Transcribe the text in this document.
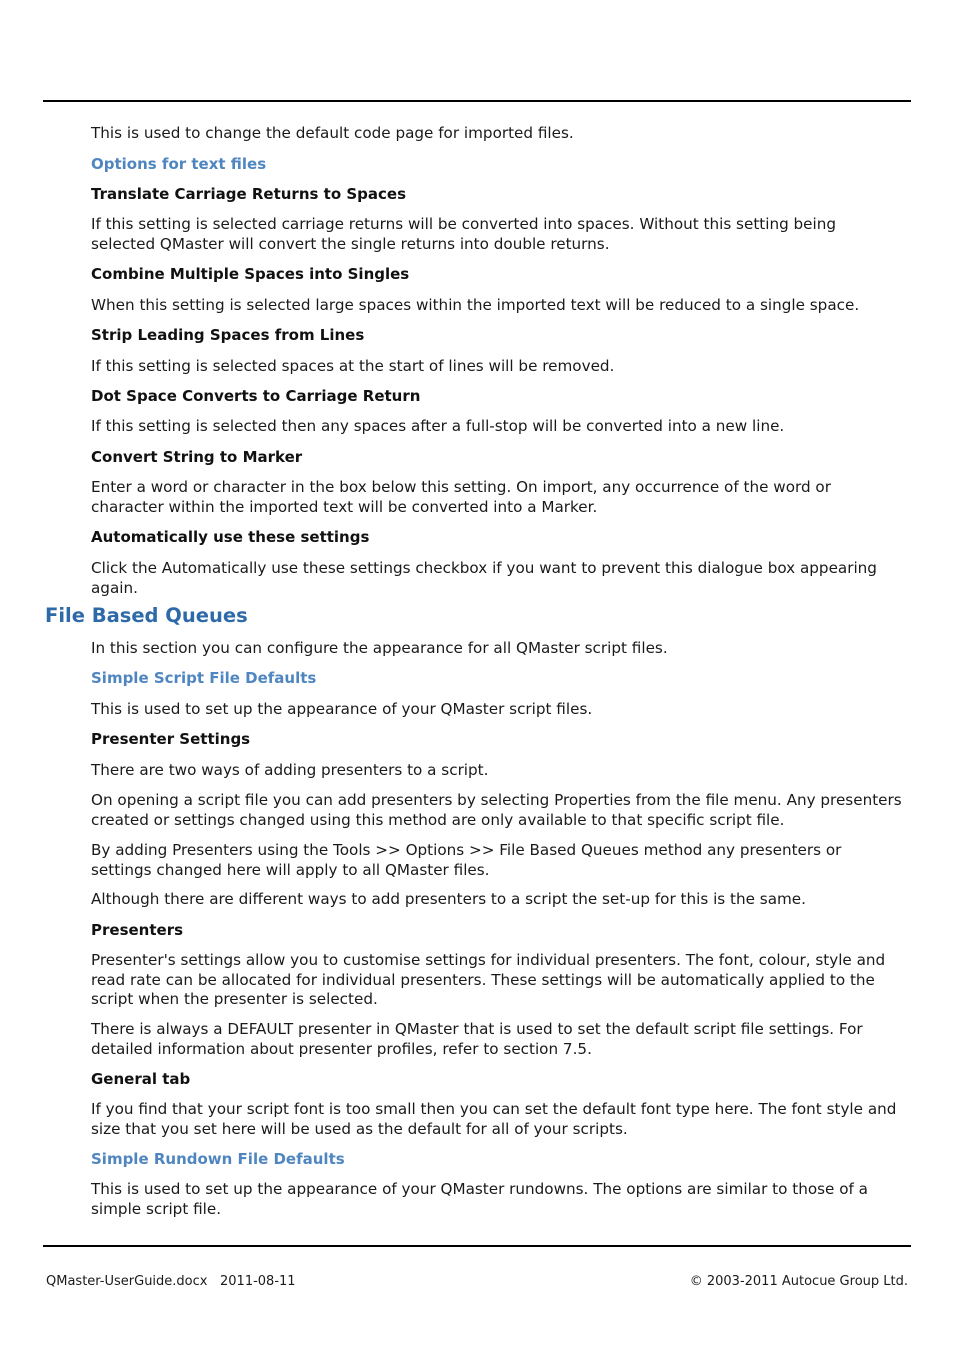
This is used to change the default code page for imported files.

Options for text files
Translate Carriage Returns to Spaces

If this setting is selected carriage returns will be converted into spaces. Without this setting being selected QMaster will convert the single returns into double returns.

Combine Multiple Spaces into Singles

When this setting is selected large spaces within the imported text will be reduced to a single space.

Strip Leading Spaces from Lines

If this setting is selected spaces at the start of lines will be removed.

Dot Space Converts to Carriage Return

If this setting is selected then any spaces after a full-stop will be converted into a new line.

Convert String to Marker

Enter a word or character in the box below this setting. On import, any occurrence of the word or character within the imported text will be converted into a Marker.

Automatically use these settings

Click the Automatically use these settings checkbox if you want to prevent this dialogue box appearing again.

File Based Queues

In this section you can configure the appearance for all QMaster script files.

Simple Script File Defaults

This is used to set up the appearance of your QMaster script files.

Presenter Settings

There are two ways of adding presenters to a script.

On opening a script file you can add presenters by selecting Properties from the file menu. Any presenters created or settings changed using this method are only available to that specific script file.

By adding Presenters using the Tools >> Options >> File Based Queues method any presenters or settings changed here will apply to all QMaster files.

Although there are different ways to add presenters to a script the set-up for this is the same.

Presenters

Presenter's settings allow you to customise settings for individual presenters. The font, colour, style and read rate can be allocated for individual presenters. These settings will be automatically applied to the script when the presenter is selected.

There is always a DEFAULT presenter in QMaster that is used to set the default script file settings. For detailed information about presenter profiles, refer to section 7.5.

General tab

If you find that your script font is too small then you can set the default font type here. The font style and size that you set here will be used as the default for all of your scripts.

Simple Rundown File Defaults

This is used to set up the appearance of your QMaster rundowns. The options are similar to those of a simple script file.

QMaster-UserGuide.docx 2011-08-11	© 2003-2011 Autocue Group Ltd.
